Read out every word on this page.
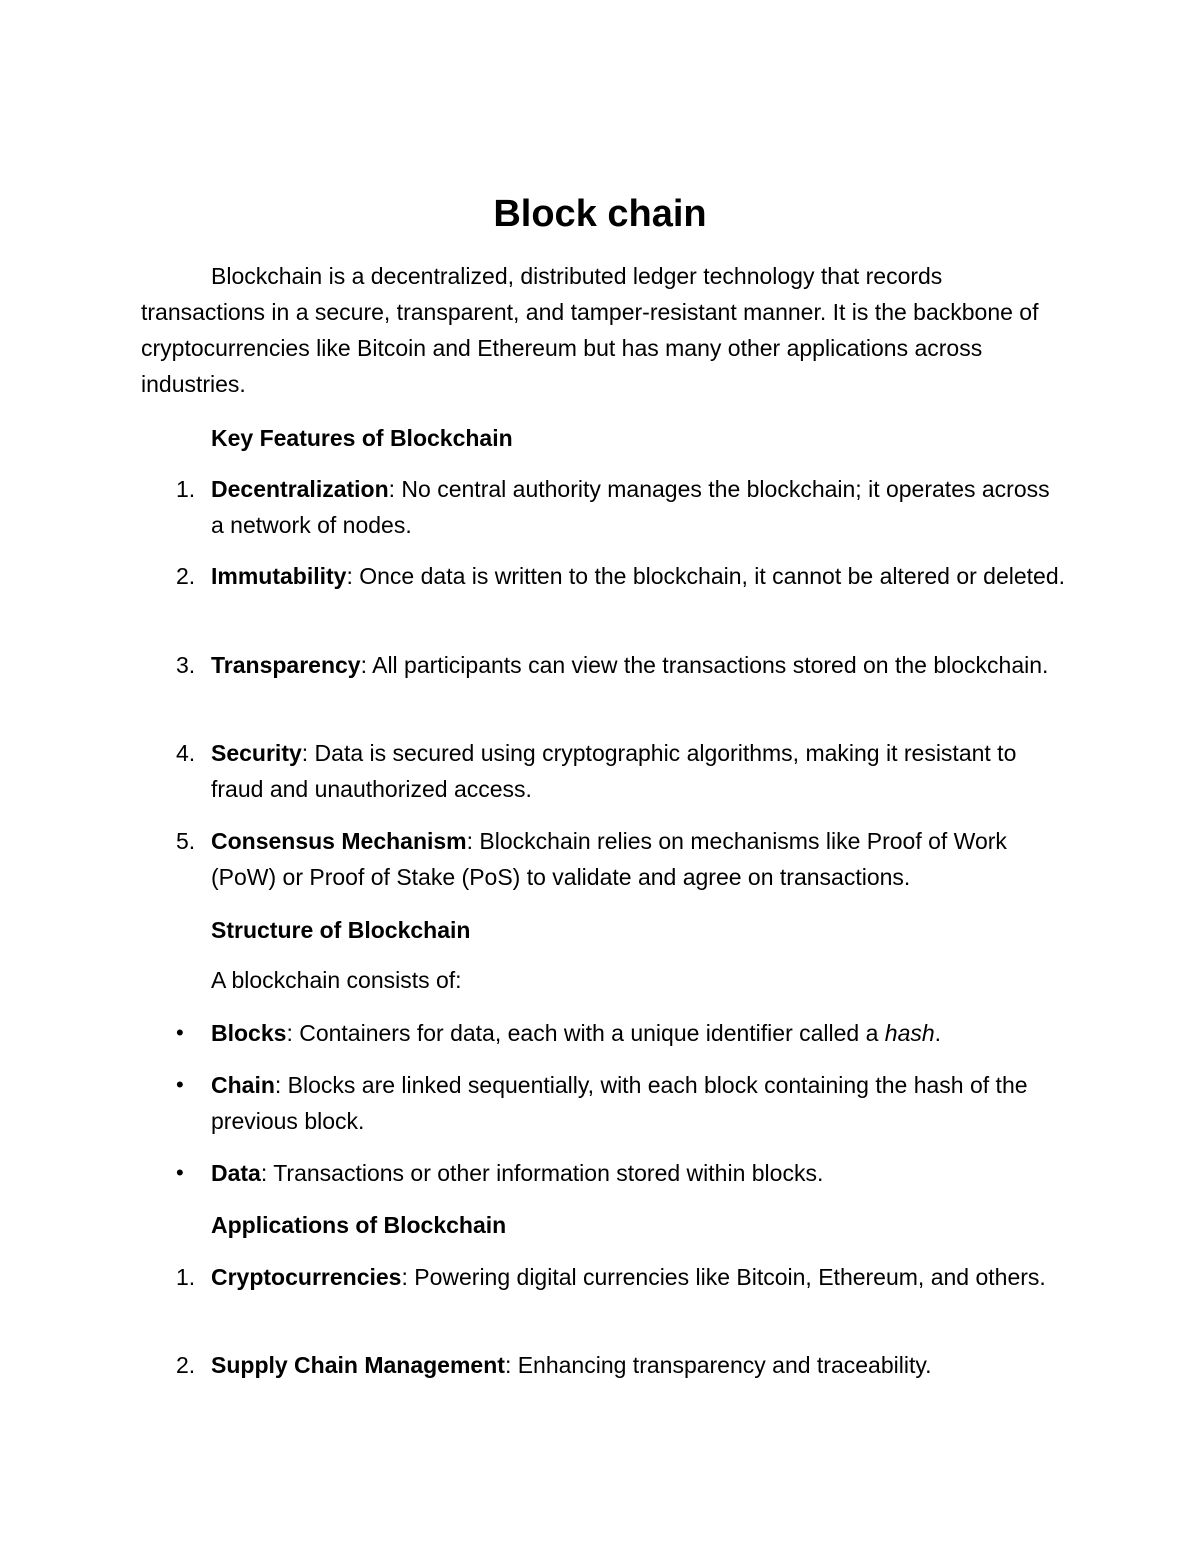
Block chain

Blockchain is a decentralized, distributed ledger technology that records transactions in a secure, transparent, and tamper-resistant manner. It is the backbone of cryptocurrencies like Bitcoin and Ethereum but has many other applications across industries.

Key Features of Blockchain

1. Decentralization: No central authority manages the blockchain; it operates across a network of nodes.
2. Immutability: Once data is written to the blockchain, it cannot be altered or deleted.
3. Transparency: All participants can view the transactions stored on the blockchain.
4. Security: Data is secured using cryptographic algorithms, making it resistant to fraud and unauthorized access.
5. Consensus Mechanism: Blockchain relies on mechanisms like Proof of Work (PoW) or Proof of Stake (PoS) to validate and agree on transactions.

Structure of Blockchain

A blockchain consists of:

• Blocks: Containers for data, each with a unique identifier called a hash.
• Chain: Blocks are linked sequentially, with each block containing the hash of the previous block.
• Data: Transactions or other information stored within blocks.

Applications of Blockchain

1. Cryptocurrencies: Powering digital currencies like Bitcoin, Ethereum, and others.
2. Supply Chain Management: Enhancing transparency and traceability.
